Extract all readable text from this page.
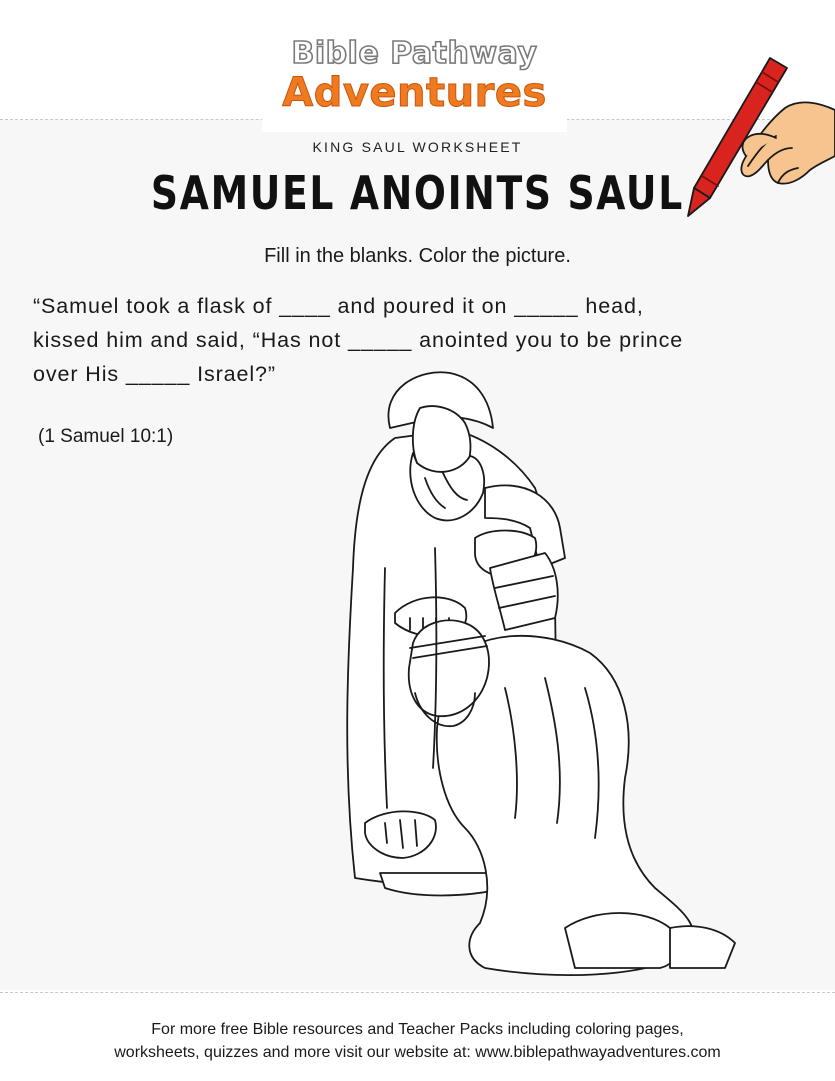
Bible Pathway
Adventures
KING SAUL WORKSHEET
SAMUEL ANOINTS SAUL
Fill in the blanks. Color the picture.
“Samuel took a flask of ____ and poured it on _____ head,
kissed him and said, “Has not _____ anointed you to be prince
over His _____ Israel?”
(1 Samuel 10:1)
For more free Bible resources and Teacher Packs including coloring pages,
worksheets, quizzes and more visit our website at: www.biblepathwayadventures.com
